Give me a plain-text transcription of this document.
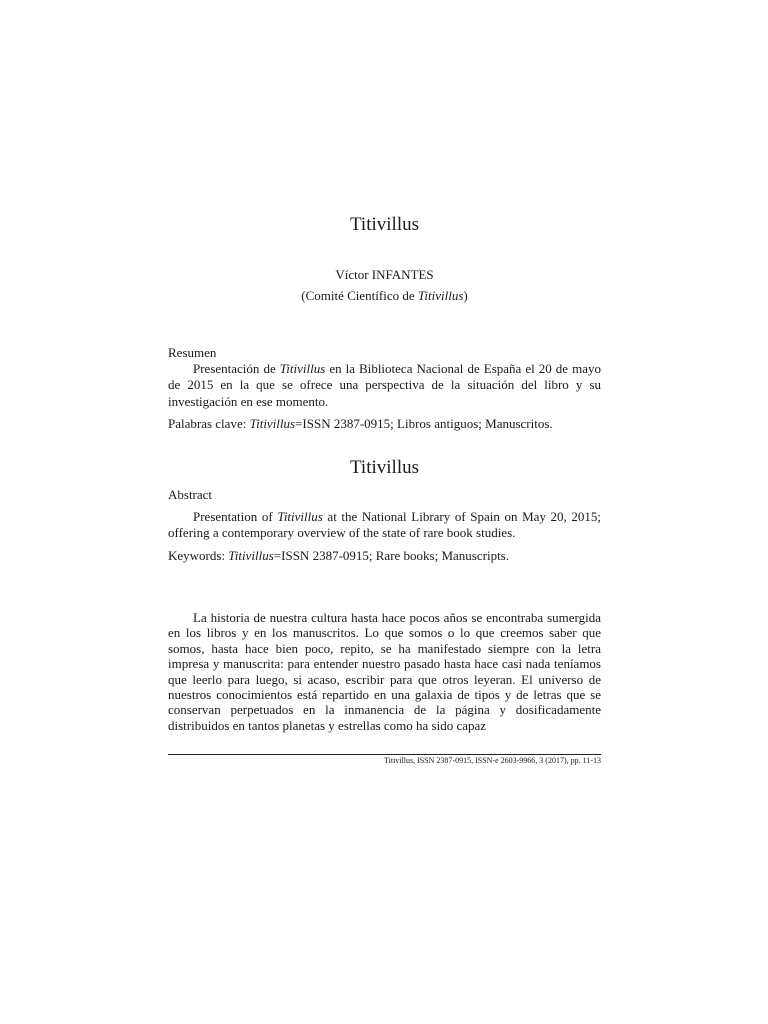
Titivillus
Víctor INFANTES
(Comité Científico de Titivillus)

Resumen

Presentación de Titivillus en la Biblioteca Nacional de España el 20 de mayo de 2015 en la que se ofrece una perspectiva de la situación del libro y su investigación en ese momento.

Palabras clave: Titivillus=ISSN 2387-0915; Libros antiguos; Manuscritos.

Titivillus

Abstract

Presentation of Titivillus at the National Library of Spain on May 20, 2015; offering a contemporary overview of the state of rare book studies.

Keywords: Titivillus=ISSN 2387-0915; Rare books; Manuscripts.

La historia de nuestra cultura hasta hace pocos años se encontraba sumergida en los libros y en los manuscritos. Lo que somos o lo que creemos saber que somos, hasta hace bien poco, repito, se ha manifestado siempre con la letra impresa y manuscrita: para entender nuestro pasado hasta hace casi nada teníamos que leerlo para luego, si acaso, escribir para que otros leyeran. El universo de nuestros conocimientos está repartido en una galaxia de tipos y de letras que se conservan perpetuados en la inmanencia de la página y dosificadamente distribuidos en tantos planetas y estrellas como ha sido capaz

Titivillus, ISSN 2387-0915, ISSN-e 2603-9966, 3 (2017), pp. 11-13
